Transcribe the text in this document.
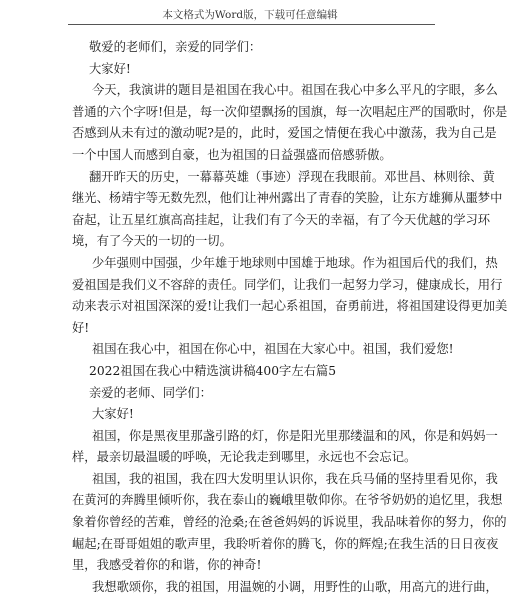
本文格式为Word版，下载可任意编辑
敬爱的老师们，亲爱的同学们：
大家好!
今天，我演讲的题目是祖国在我心中。祖国在我心中多么平凡的字眼，多么
普通的六个字呀!但是，每一次仰望飘扬的国旗，每一次唱起庄严的国歌时，你是
否感到从未有过的激动呢?是的，此时，爱国之情便在我心中激荡，我为自己是
一个中国人而感到自豪，也为祖国的日益强盛而倍感骄傲。
翻开昨天的历史，一幕幕英雄（事迹）浮现在我眼前。邓世昌、林则徐、黄
继光、杨靖宇等无数先烈，他们让神州露出了青春的笑脸，让东方雄狮从噩梦中
奋起，让五星红旗高高挂起，让我们有了今天的幸福，有了今天优越的学习环
境，有了今天的一切的一切。
少年强则中国强，少年雄于地球则中国雄于地球。作为祖国后代的我们，热
爱祖国是我们义不容辞的责任。同学们，让我们一起努力学习，健康成长，用行
动来表示对祖国深深的爱!让我们一起心系祖国，奋勇前进，将祖国建设得更加美
好!
祖国在我心中，祖国在你心中，祖国在大家心中。祖国，我们爱您!
2022祖国在我心中精选演讲稿400字左右篇5
亲爱的老师、同学们：
大家好!
祖国，你是黑夜里那盏引路的灯，你是阳光里那缕温和的风，你是和妈妈一
样，最亲切最温暖的呼唤，无论我走到哪里，永远也不会忘记。
祖国，我的祖国，我在四大发明里认识你，我在兵马俑的坚持里看见你，我
在黄河的奔腾里倾听你，我在泰山的巍峨里敬仰你。在爷爷奶奶的追忆里，我想
象着你曾经的苦难，曾经的沧桑;在爸爸妈妈的诉说里，我品味着你的努力，你的
崛起;在哥哥姐姐的歌声里，我聆听着你的腾飞，你的辉煌;在我生活的日日夜夜
里，我感受着你的和谐，你的神奇!
我想歌颂你，我的祖国，用温婉的小调，用野性的山歌，用高亢的进行曲，
